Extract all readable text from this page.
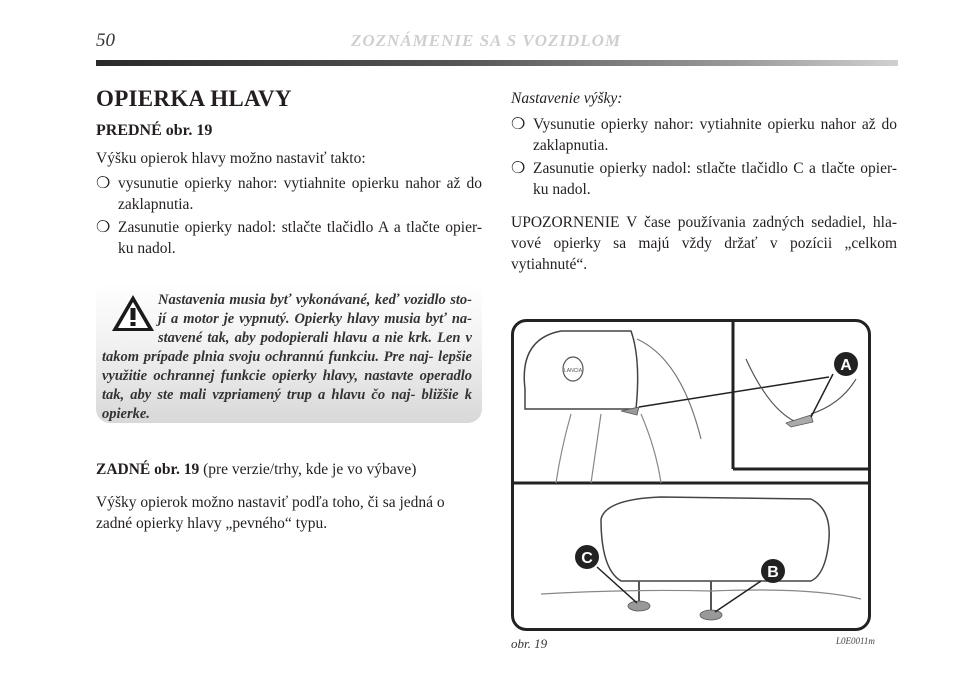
50	ZOZNÁMENIE SA S VOZIDLOM
OPIERKA HLAVY
PREDNÉ obr. 19

Výšku opierok hlavy možno nastaviť takto:

❍ vysunutie opierky nahor: vytiahnite opierku nahor až do zaklapnutia.
❍ Zasunutie opierky nadol: stlačte tlačidlo A a tlačte opier- ku nadol.
Nastavenia musia byť vykonávané, keď vozidlo sto- jí a motor je vypnutý. Opierky hlavy musia byť na- stavené tak, aby podopierali hlavu a nie krk. Len v takom prípade plnia svoju ochrannú funkciu. Pre naj- lepšie využitie ochrannej funkcie opierky hlavy, nastavte operadlo tak, aby ste mali vzpriamený trup a hlavu čo naj- bližšie k opierke.

ZADNÉ obr. 19 (pre verzie/trhy, kde je vo výbave)

Výšky opierok možno nastaviť podľa toho, či sa jedná o zadné opierky hlavy „pevného“ typu.

Nastavenie výšky:
❍ Vysunutie opierky nahor: vytiahnite opierku nahor až do zaklapnutia.
❍ Zasunutie opierky nadol: stlačte tlačidlo C a tlačte opier- ku nadol.

UPOZORNENIE V čase používania zadných sedadiel, hla- vové opierky sa majú vždy držať v pozícii „celkom vytiahnuté“.

LANCIA	A
C
B
obr. 19	L0E0011m
